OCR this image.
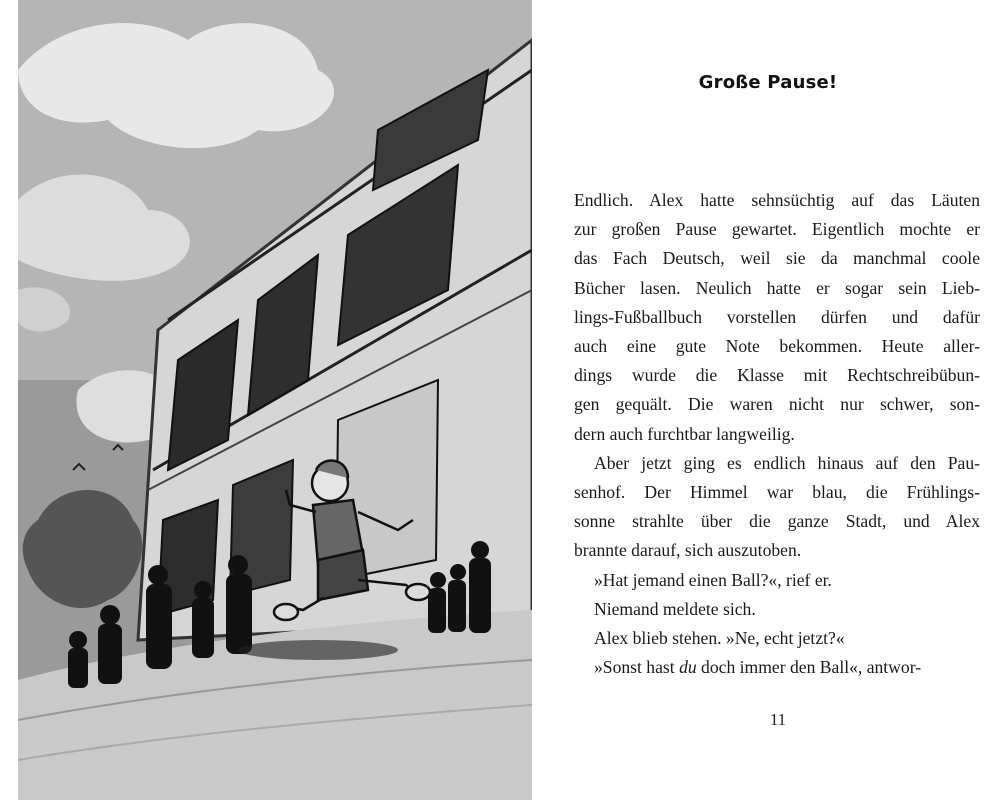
Große Pause!
Endlich. Alex hatte sehnsüchtig auf das Läuten
zur großen Pause gewartet. Eigentlich mochte er
das Fach Deutsch, weil sie da manchmal coole
Bücher lasen. Neulich hatte er sogar sein Lieb-
lings-Fußballbuch vorstellen dürfen und dafür
auch eine gute Note bekommen. Heute aller-
dings wurde die Klasse mit Rechtschreibübun-
gen gequält. Die waren nicht nur schwer, son-
dern auch furchtbar langweilig.
Aber jetzt ging es endlich hinaus auf den Pau-
senhof. Der Himmel war blau, die Frühlings-
sonne strahlte über die ganze Stadt, und Alex
brannte darauf, sich auszutoben.
»Hat jemand einen Ball?«, rief er.
Niemand meldete sich.
Alex blieb stehen. »Ne, echt jetzt?«
»Sonst hast du doch immer den Ball«, antwor-
11
